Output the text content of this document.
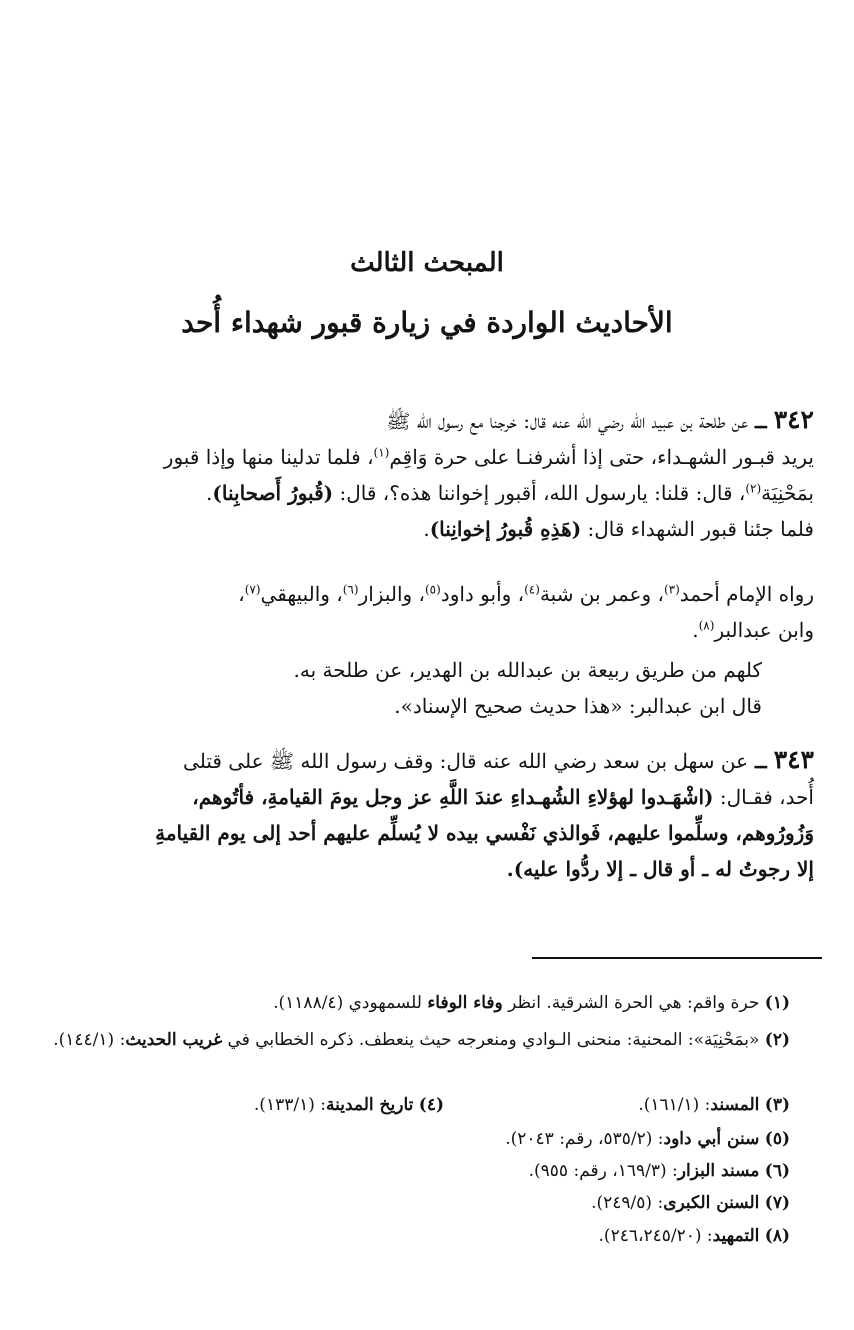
المبحث الثالث
الأحاديث الواردة في زيارة قبور شهداء أُحد
٣٤٢ ــ عن طلحة بن عبيد الله رضي الله عنه قال: خرجنا مع رسول الله ﷺ
يريد قبـور الشهـداء، حتى إذا أشرفنـا على حرة وَاقِم$^{(١)}$، فلما تدلينا منها وإذا قبور
بمَحْنِيَة$^{(٢)}$، قال: قلنا: يارسول الله، أقبور إخواننا هذه؟، قال: (قُبورُ أَصحابِنا).
فلما جئنا قبور الشهداء قال: (هَذِهِ قُبورُ إخوانِنا).
رواه الإمام أحمد$^{(٣)}$، وعمر بن شبة$^{(٤)}$، وأبو داود$^{(٥)}$، والبزار$^{(٦)}$، والبيهقي$^{(٧)}$،
وابن عبدالبر$^{(٨)}$.
كلهم من طريق ربيعة بن عبدالله بن الهدير، عن طلحة به.
قال ابن عبدالبر: «هذا حديث صحيح الإسناد».
٣٤٣ ــ عن سهل بن سعد رضي الله عنه قال: وقف رسول الله ﷺ على قتلى
أُحد، فقـال: (اشْهَـدوا لهؤلاءِ الشُهـداءِ عندَ اللَّهِ عز وجل يومَ القيامةِ، فأتُوهم،
وَزُورُوهم، وسلِّموا عليهم، فَوالذي نَفْسي بيده لا يُسلِّم عليهم أحد إلى يوم القيامةِ
إلا رجوتُ له ـ أو قال ـ إلا ردُّوا عليه).
(١) حرة واقم: هي الحرة الشرقية. انظر وفاء الوفاء للسمهودي (١١٨٨/٤).
(٢) «بمَحْنِيَة»: المحنية: منحنى الـوادي ومنعرجه حيث ينعطف. ذكره الخطابي في غريب الحديث: (١٤٤/١).
(٣) المسند: (١٦١/١).
(٤) تاريخ المدينة: (١٣٣/١).
(٥) سنن أبي داود: (٥٣٥/٢، رقم: ٢٠٤٣).
(٦) مسند البزار: (١٦٩/٣، رقم: ٩٥٥).
(٧) السنن الكبرى: (٢٤٩/٥).
(٨) التمهيد: (٢٤٦،٢٤٥/٢٠).
